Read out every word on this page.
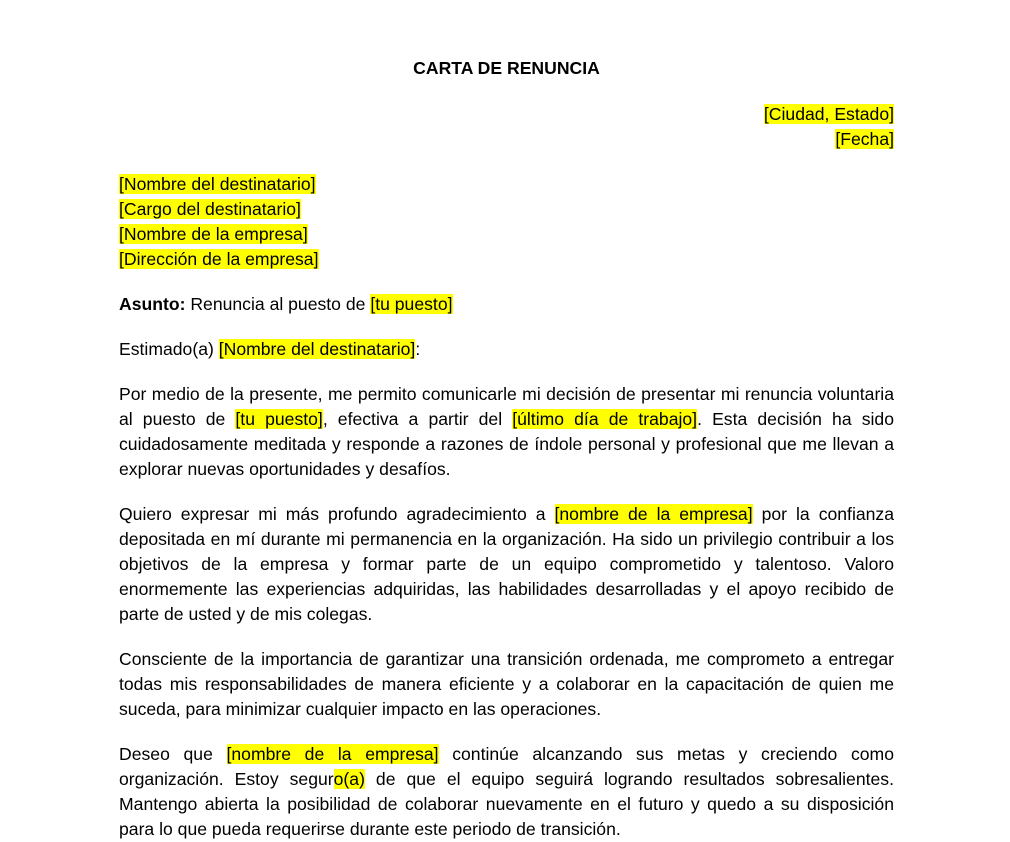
CARTA DE RENUNCIA
[Ciudad, Estado]
[Fecha]
[Nombre del destinatario]
[Cargo del destinatario]
[Nombre de la empresa]
[Dirección de la empresa]
Asunto: Renuncia al puesto de [tu puesto]
Estimado(a) [Nombre del destinatario]:

Por medio de la presente, me permito comunicarle mi decisión de presentar mi renuncia voluntaria al puesto de [tu puesto], efectiva a partir del [último día de trabajo]. Esta decisión ha sido cuidadosamente meditada y responde a razones de índole personal y profesional que me llevan a explorar nuevas oportunidades y desafíos.

Quiero expresar mi más profundo agradecimiento a [nombre de la empresa] por la confianza depositada en mí durante mi permanencia en la organización. Ha sido un privilegio contribuir a los objetivos de la empresa y formar parte de un equipo comprometido y talentoso. Valoro enormemente las experiencias adquiridas, las habilidades desarrolladas y el apoyo recibido de parte de usted y de mis colegas.

Consciente de la importancia de garantizar una transición ordenada, me comprometo a entregar todas mis responsabilidades de manera eficiente y a colaborar en la capacitación de quien me suceda, para minimizar cualquier impacto en las operaciones.

Deseo que [nombre de la empresa] continúe alcanzando sus metas y creciendo como organización. Estoy seguro(a) de que el equipo seguirá logrando resultados sobresalientes. Mantengo abierta la posibilidad de colaborar nuevamente en el futuro y quedo a su disposición para lo que pueda requerirse durante este periodo de transición.
